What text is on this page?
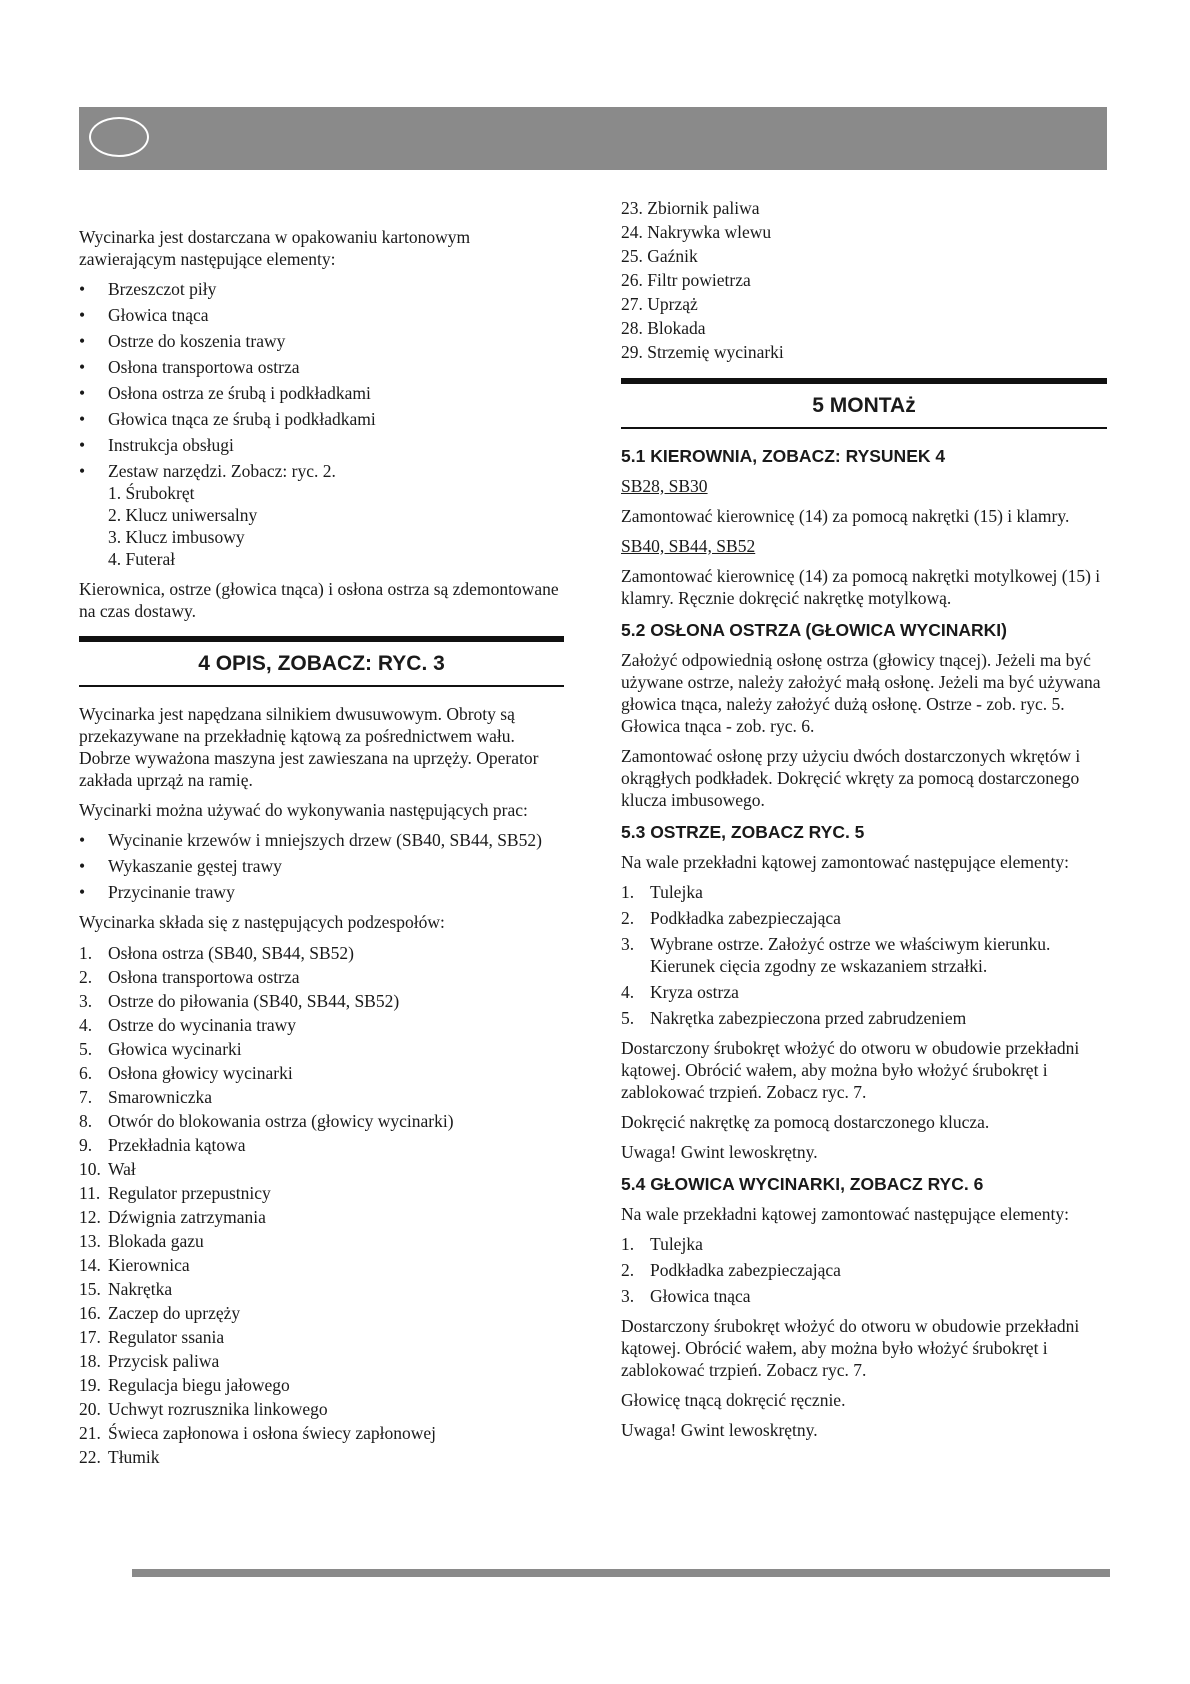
Wycinarka jest dostarczana w opakowaniu kartonowym zawierającym następujące elementy:

• Brzeszczot piły
• Głowica tnąca
• Ostrze do koszenia trawy
• Osłona transportowa ostrza
• Osłona ostrza ze śrubą i podkładkami
• Głowica tnąca ze śrubą i podkładkami
• Instrukcja obsługi
• Zestaw narzędzi. Zobacz: ryc. 2.
1. Śrubokręt
2. Klucz uniwersalny
3. Klucz imbusowy
4. Futerał

Kierownica, ostrze (głowica tnąca) i osłona ostrza są zdemontowane na czas dostawy.

4 OPIS, ZOBACZ: RYC. 3

Wycinarka jest napędzana silnikiem dwusuwowym. Obroty są przekazywane na przekładnię kątową za pośrednictwem wału. Dobrze wyważona maszyna jest zawieszana na uprzęży. Operator zakłada uprząż na ramię.

Wycinarki można używać do wykonywania następujących prac:

• Wycinanie krzewów i mniejszych drzew (SB40, SB44, SB52)
• Wykaszanie gęstej trawy
• Przycinanie trawy

Wycinarka składa się z następujących podzespołów:

1. Osłona ostrza (SB40, SB44, SB52)
2. Osłona transportowa ostrza
3. Ostrze do piłowania (SB40, SB44, SB52)
4. Ostrze do wycinania trawy
5. Głowica wycinarki
6. Osłona głowicy wycinarki
7. Smarowniczka
8. Otwór do blokowania ostrza (głowicy wycinarki)
9. Przekładnia kątowa
10. Wał
11. Regulator przepustnicy
12. Dźwignia zatrzymania
13. Blokada gazu
14. Kierownica
15. Nakrętka
16. Zaczep do uprzęży
17. Regulator ssania
18. Przycisk paliwa
19. Regulacja biegu jałowego
20. Uchwyt rozrusznika linkowego
21. Świeca zapłonowa i osłona świecy zapłonowej
22. Tłumik
23. Zbiornik paliwa
24. Nakrywka wlewu
25. Gaźnik
26. Filtr powietrza
27. Uprząż
28. Blokada
29. Strzemię wycinarki
5 MONTAż
5.1 KIEROWNIA, ZOBACZ: RYSUNEK 4

SB28, SB30

Zamontować kierownicę (14) za pomocą nakrętki (15) i klamry.

SB40, SB44, SB52

Zamontować kierownicę (14) za pomocą nakrętki motylkowej (15) i klamry. Ręcznie dokręcić nakrętkę motylkową.

5.2 OSŁONA OSTRZA (GŁOWICA WYCINARKI)

Założyć odpowiednią osłonę ostrza (głowicy tnącej). Jeżeli ma być używane ostrze, należy założyć małą osłonę. Jeżeli ma być używana głowica tnąca, należy założyć dużą osłonę. Ostrze - zob. ryc. 5. Głowica tnąca - zob. ryc. 6.

Zamontować osłonę przy użyciu dwóch dostarczonych wkrętów i okrągłych podkładek. Dokręcić wkręty za pomocą dostarczonego klucza imbusowego.

5.3 OSTRZE, ZOBACZ RYC. 5

Na wale przekładni kątowej zamontować następujące elementy:

1. Tulejka
2. Podkładka zabezpieczająca
3. Wybrane ostrze. Założyć ostrze we właściwym kierunku. Kierunek cięcia zgodny ze wskazaniem strzałki.
4. Kryza ostrza
5. Nakrętka zabezpieczona przed zabrudzeniem

Dostarczony śrubokręt włożyć do otworu w obudowie przekładni kątowej. Obrócić wałem, aby można było włożyć śrubokręt i zablokować trzpień. Zobacz ryc. 7.

Dokręcić nakrętkę za pomocą dostarczonego klucza.

Uwaga! Gwint lewoskrętny.

5.4 GŁOWICA WYCINARKI, ZOBACZ RYC. 6

Na wale przekładni kątowej zamontować następujące elementy:

1. Tulejka
2. Podkładka zabezpieczająca
3. Głowica tnąca

Dostarczony śrubokręt włożyć do otworu w obudowie przekładni kątowej. Obrócić wałem, aby można było włożyć śrubokręt i zablokować trzpień. Zobacz ryc. 7.

Głowicę tnącą dokręcić ręcznie.

Uwaga! Gwint lewoskrętny.
